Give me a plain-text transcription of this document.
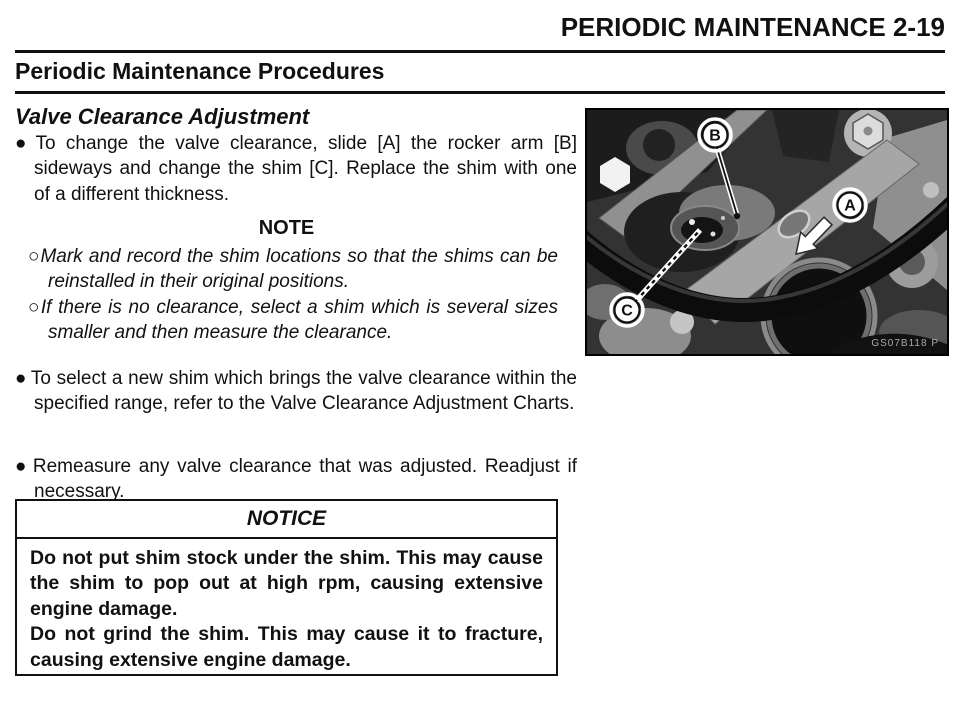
PERIODIC MAINTENANCE 2-19
Periodic Maintenance Procedures
Valve Clearance Adjustment
● To change the valve clearance, slide [A] the rocker arm [B] sideways and change the shim [C]. Replace the shim with one of a different thickness.
NOTE
○Mark and record the shim locations so that the shims can be reinstalled in their original positions.
○If there is no clearance, select a shim which is several sizes smaller and then measure the clearance.
● To select a new shim which brings the valve clearance within the specified range, refer to the Valve Clearance Adjustment Charts.
● Remeasure any valve clearance that was adjusted. Readjust if necessary.
NOTICE

Do not put shim stock under the shim. This may cause the shim to pop out at high rpm, causing extensive engine damage.

Do not grind the shim. This may cause it to fracture, causing extensive engine damage.

GS07B118 P
B
A
C
